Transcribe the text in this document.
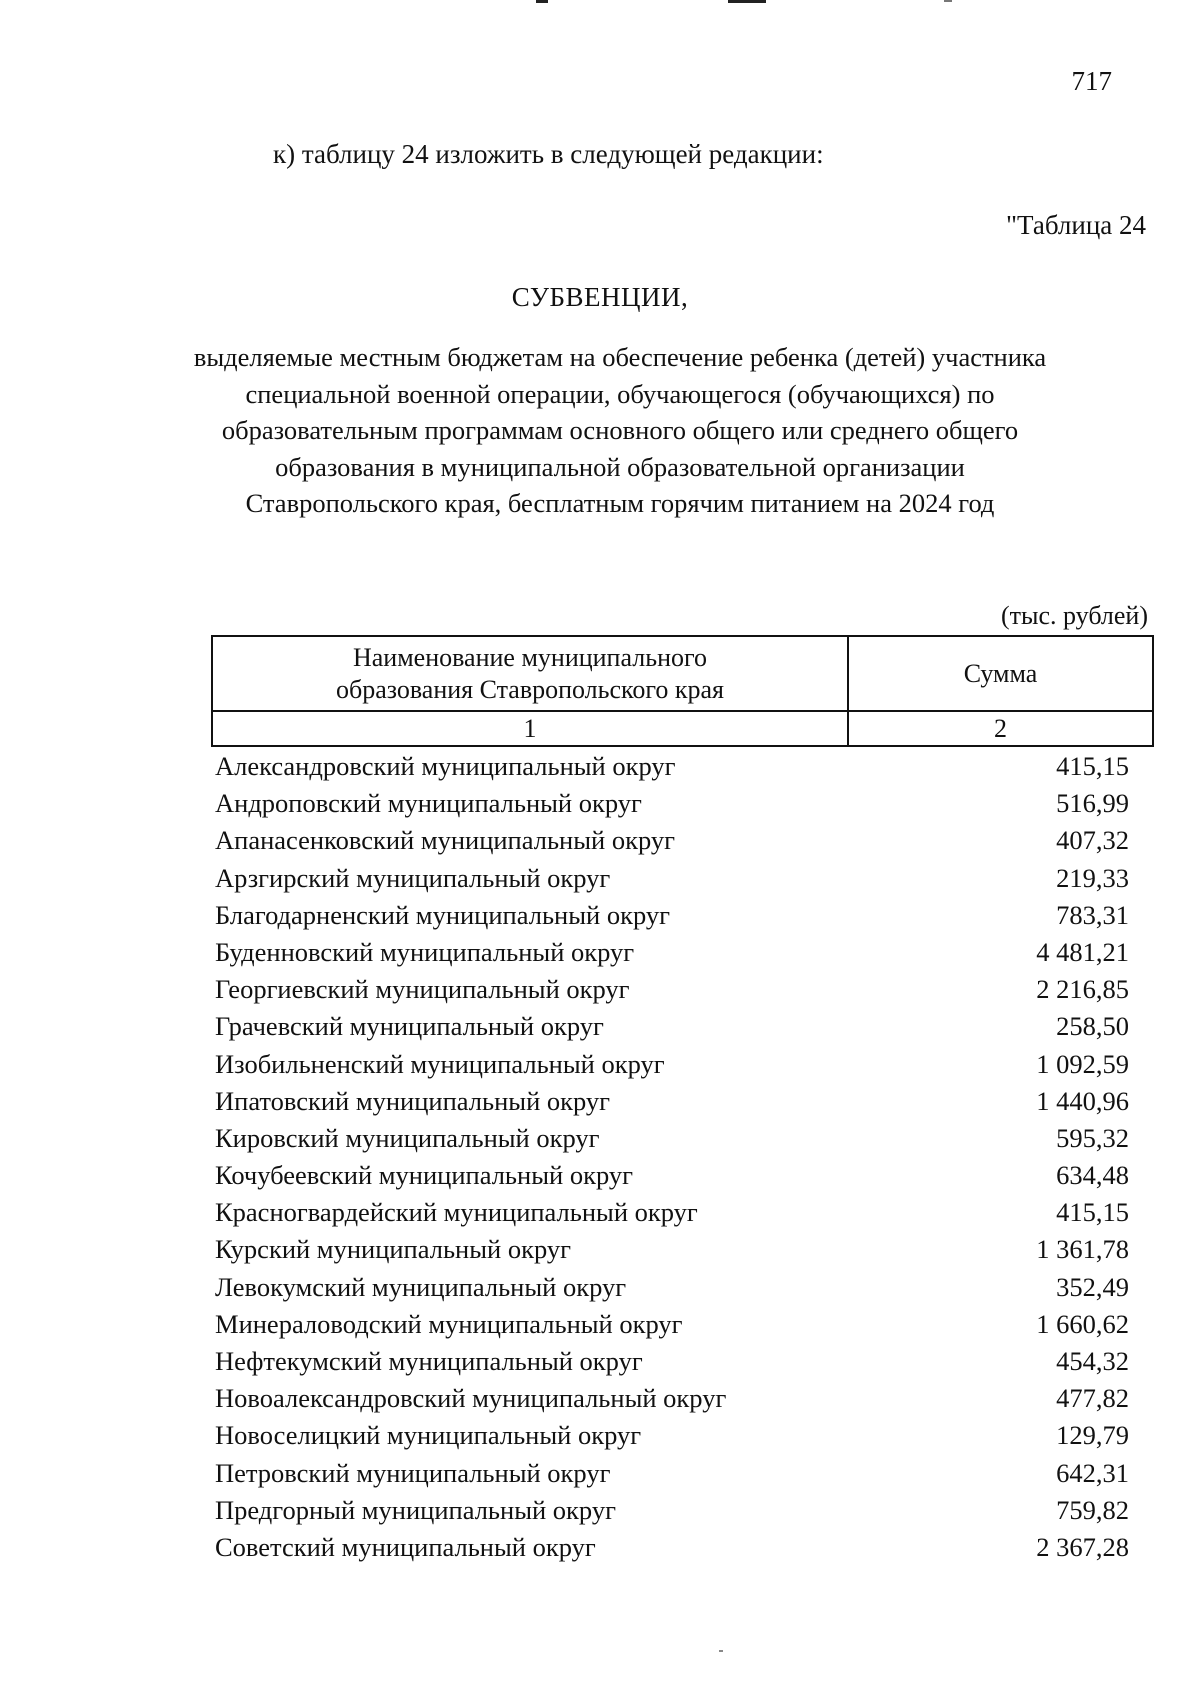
717
к) таблицу 24 изложить в следующей редакции:
"Таблица 24
СУБВЕНЦИИ,
выделяемые местным бюджетам на обеспечение ребенка (детей) участника
специальной военной операции, обучающегося (обучающихся) по
образовательным программам основного общего или среднего общего
образования в муниципальной образовательной организации
Ставропольского края, бесплатным горячим питанием на 2024 год
(тыс. рублей)
Наименование муниципального
образования Ставропольского края
Сумма
1	2
Александровский муниципальный округ	415,15
Андроповский муниципальный округ	516,99
Апанасенковский муниципальный округ	407,32
Арзгирский муниципальный округ	219,33
Благодарненский муниципальный округ	783,31
Буденновский муниципальный округ	4 481,21
Георгиевский муниципальный округ	2 216,85
Грачевский муниципальный округ	258,50
Изобильненский муниципальный округ	1 092,59
Ипатовский муниципальный округ	1 440,96
Кировский муниципальный округ	595,32
Кочубеевский муниципальный округ	634,48
Красногвардейский муниципальный округ	415,15
Курский муниципальный округ	1 361,78
Левокумский муниципальный округ	352,49
Минераловодский муниципальный округ	1 660,62
Нефтекумский муниципальный округ	454,32
Новоалександровский муниципальный округ	477,82
Новоселицкий муниципальный округ	129,79
Петровский муниципальный округ	642,31
Предгорный муниципальный округ	759,82
Советский муниципальный округ	2 367,28
